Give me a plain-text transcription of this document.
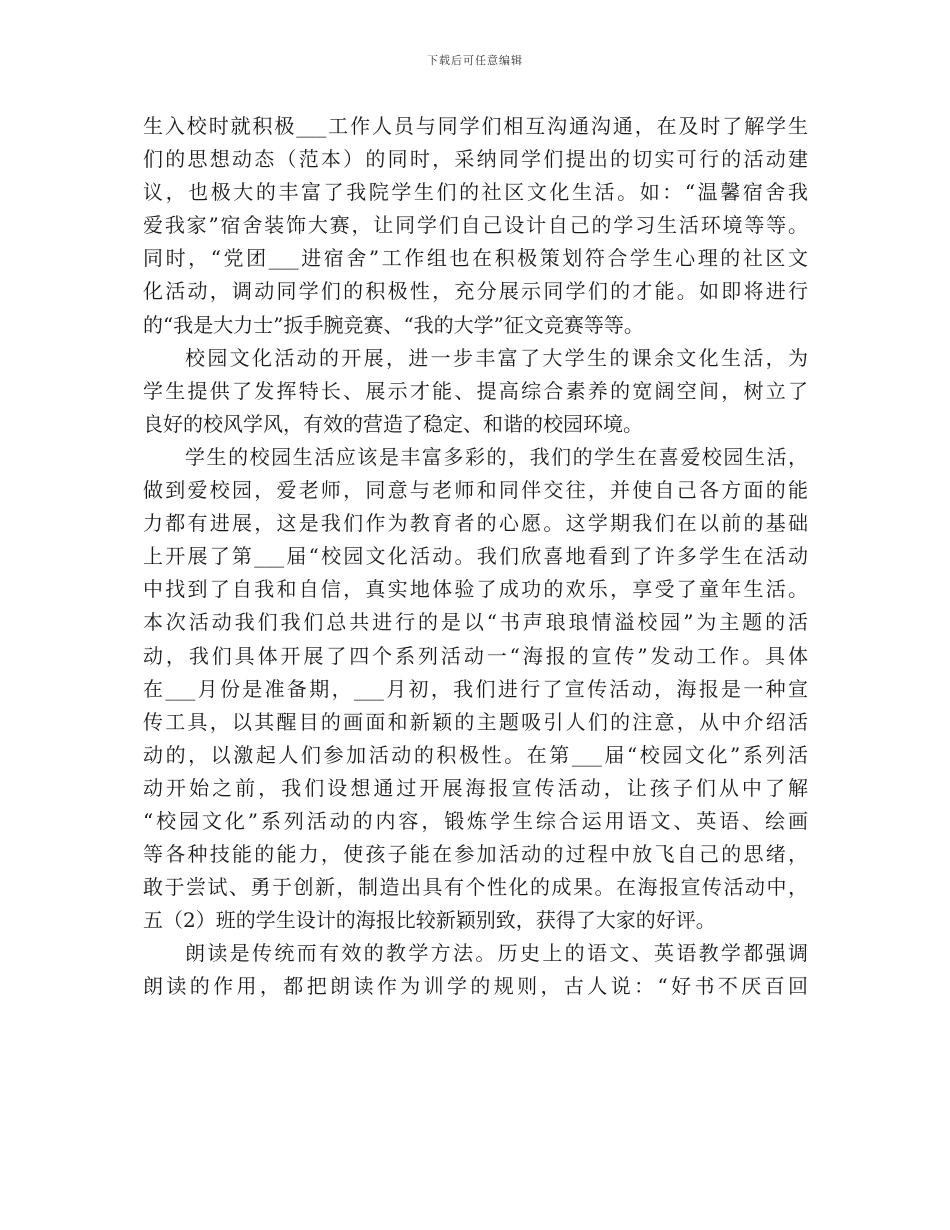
下载后可任意编辑
生入校时就积极___工作人员与同学们相互沟通沟通，在及时了解学生
们的思想动态（范本）的同时，采纳同学们提出的切实可行的活动建
议，也极大的丰富了我院学生们的社区文化生活。如：“温馨宿舍我
爱我家”宿舍装饰大赛，让同学们自己设计自己的学习生活环境等等。
同时，“党团___进宿舍”工作组也在积极策划符合学生心理的社区文
化活动，调动同学们的积极性，充分展示同学们的才能。如即将进行
的“我是大力士”扳手腕竞赛、“我的大学”征文竞赛等等。
校园文化活动的开展，进一步丰富了大学生的课余文化生活，为
学生提供了发挥特长、展示才能、提高综合素养的宽阔空间，树立了
良好的校风学风，有效的营造了稳定、和谐的校园环境。
学生的校园生活应该是丰富多彩的，我们的学生在喜爱校园生活，
做到爱校园，爱老师，同意与老师和同伴交往，并使自己各方面的能
力都有进展，这是我们作为教育者的心愿。这学期我们在以前的基础
上开展了第___届“校园文化活动。我们欣喜地看到了许多学生在活动
中找到了自我和自信，真实地体验了成功的欢乐，享受了童年生活。
本次活动我们我们总共进行的是以“书声琅琅情溢校园”为主题的活
动，我们具体开展了四个系列活动一“海报的宣传”发动工作。具体
在___月份是准备期，___月初，我们进行了宣传活动，海报是一种宣
传工具，以其醒目的画面和新颖的主题吸引人们的注意，从中介绍活
动的，以激起人们参加活动的积极性。在第___届“校园文化”系列活
动开始之前，我们设想通过开展海报宣传活动，让孩子们从中了解
“校园文化”系列活动的内容，锻炼学生综合运用语文、英语、绘画
等各种技能的能力，使孩子能在参加活动的过程中放飞自己的思绪，
敢于尝试、勇于创新，制造出具有个性化的成果。在海报宣传活动中，
五（2）班的学生设计的海报比较新颖别致，获得了大家的好评。
朗读是传统而有效的教学方法。历史上的语文、英语教学都强调
朗读的作用，都把朗读作为训学的规则，古人说：“好书不厌百回
